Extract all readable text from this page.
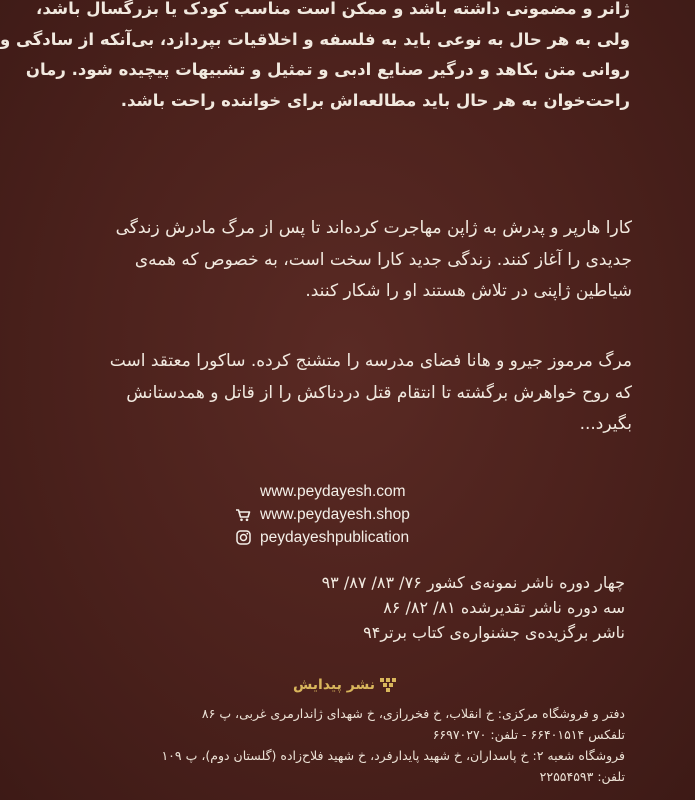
ژانر و مضمونی داشته باشد و ممکن است مناسب کودک یا بزرگسال باشد،
ولی به هر حال به نوعی باید به فلسفه و اخلاقیات بپردازد، بی‌آنکه از سادگی و
روانی متن بکاهد و درگیر صنایع ادبی و تمثیل و تشبیهات پیچیده شود. رمان
راحت‌خوان به هر حال باید مطالعه‌اش برای خواننده راحت باشد.
کارا هارپر و پدرش به ژاپن مهاجرت کرده‌اند تا پس از مرگ مادرش زندگی
جدیدی را آغاز کنند. زندگی جدید کارا سخت است، به خصوص که همه‌ی
شیاطین ژاپنی در تلاش هستند او را شکار کنند.
مرگ مرموز جیرو و هانا فضای مدرسه را متشنج کرده. ساکورا معتقد است
که روح خواهرش برگشته تا انتقام قتل دردناکش را از قاتل و همدستانش
بگیرد...
www.peydayesh.com
www.peydayesh.shop
peydayeshpublication
چهار دوره ناشر نمونه‌ی کشور ۷۶/ ۸۳/ ۸۷/ ۹۳
سه دوره ناشر تقدیرشده ۸۱/ ۸۲/ ۸۶
ناشر برگزیده‌ی جشنواره‌ی کتاب برتر۹۴
نشر پیدایش
دفتر و فروشگاه مرکزی: خ انقلاب، خ فخررازی، خ شهدای ژاندارمری غربی، پ ۸۶
تلفکس ۶۶۴۰۱۵۱۴ - تلفن: ۶۶۹۷۰۲۷۰
فروشگاه شعبه ۲: خ پاسداران، خ شهید پایدارفرد، خ شهید فلاح‌زاده (گلستان دوم)، پ ۱۰۹
تلفن: ۲۲۵۵۴۵۹۳
